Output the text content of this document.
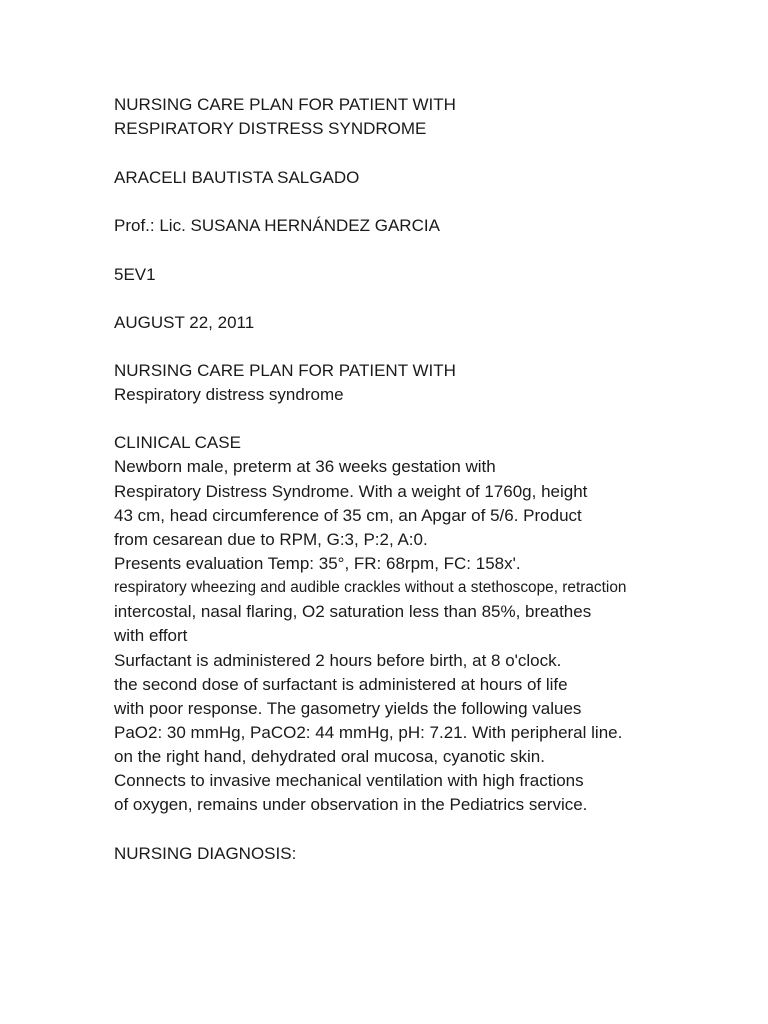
NURSING CARE PLAN FOR PATIENT WITH

RESPIRATORY DISTRESS SYNDROME

ARACELI BAUTISTA SALGADO

Prof.: Lic. SUSANA HERNÁNDEZ GARCIA

5EV1

AUGUST 22, 2011

NURSING CARE PLAN FOR PATIENT WITH

Respiratory distress syndrome

CLINICAL CASE

Newborn male, preterm at 36 weeks gestation with

Respiratory Distress Syndrome. With a weight of 1760g, height

43 cm, head circumference of 35 cm, an Apgar of 5/6. Product

from cesarean due to RPM, G:3, P:2, A:0.

Presents evaluation Temp: 35°, FR: 68rpm, FC: 158x'.

respiratory wheezing and audible crackles without a stethoscope, retraction

intercostal, nasal flaring, O2 saturation less than 85%, breathes

with effort

Surfactant is administered 2 hours before birth, at 8 o'clock.

the second dose of surfactant is administered at hours of life

with poor response. The gasometry yields the following values

PaO2: 30 mmHg, PaCO2: 44 mmHg, pH: 7.21. With peripheral line.

on the right hand, dehydrated oral mucosa, cyanotic skin.

Connects to invasive mechanical ventilation with high fractions

of oxygen, remains under observation in the Pediatrics service.

NURSING DIAGNOSIS:
